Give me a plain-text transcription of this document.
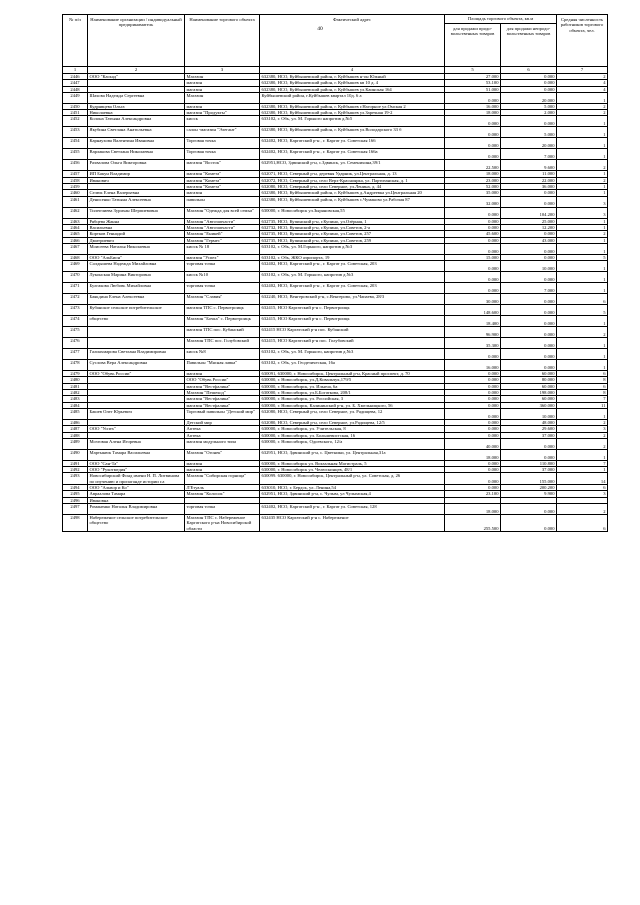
40
№ п/п	Наименование организации / индивидуальный предприниматель	Наименование торгового объекта	Фактический адрес	Площадь торгового объекта, кв.м		Средняя численность работников торгового объекта, чел.
				для продажи продо-вольственных товаров	для продажи непродо-вольственных товаров	
1	2	3	4	5	6	7
2446	ООО "Каскад"	Магазин	632380, НСО, Куйбышевский район, г. Куйбышев н-он Южный	27.000	0.000	2
2447		магазин	632380, НСО, Куйбышевский район, г. Куйбышев кв 10 д. 4	53.100	0.000	4
2448		магазин	632380, НСО, Куйбышевский район, г. Куйбышев ул.Каинская 164	51.000	0.000	4
2449	Шахова Надежда Сергеевна	Магазин	Куйбышевский район, г.Куйбышев квартал 10д. 6 а	0.000	20.000	1
2450	Кудрявцева Ольга	магазин	632380, НСО, Куйбышевский район, г. Куйбышев г.Нагорное ул.Омская 2	16.000	5.000	2
2451	Николаевна	магазин "Продукты"	632380, НСО, Куйбышевский район, г. Куйбышев ул.Заречная 19-2	18.000	2.000	2
2452	Колона Татьяна Александровна	киоск	633102, г. Обь, ул. М. Горького напротив д.№5	0.000	0.000	1
2453	Якубина Светлана Анатольевна	салон -магазин "Элегант"	632380, НСО, Куйбышевский район, г. Куйбышев ул.Володарского 33 б	0.000	5.000	1
2454	Карнаухова Валентина Ивановна	Торговая точка	632402, НСО, Каргатский р-н , г. Каргат ул. Советская 166	0.000	20.000	1
2455	Варлакова Светлана Николаевна	Торговая точка	632402, НСО, Каргатский р-н , г. Каргат ул. Советская 166а	0.000	7.000	1
2456	Рахвалова Ольга Викторовна	магазин "Восток"	632951,НСО, Здвинский р-н, с.Здвинск, ул. Семенихина,39/1	22.500	9.600	2
2457	ИП Бакун Владимир	магазин "Комета"	632071, НСО, Северный р-н, деревня Ударник, ул.Центральная, д. 13	18.000	11.000	1
2458	Иванович	магазин "Комета"	632072, НСО, Северный р-н, село Верх-Красноярка, ул. Партизанская, д. 1	23.000	22.000	2
2459		магазин "Комета"	632080, НСО, Северный р-н, село Северное, ул.Ленина, д. 44	52.000	36.000	1
2460	Селюк Елена Валерьевна	магазин	632380, НСО, Куйбышевский район, г. Куйбышев д.Андреевка ул.Центральная 20	35.000	0.000	1
2461	Денисенко Татьяна Алексеевна	павильон	632380, НСО, Куйбышевский район, г. Куйбышев с.Чумаково ул.Рабочая 87	32.000	0.000	3
2462	Тилепчиева Зурихан Шерпиевовна	Магазин "Одежда для всей семьи"	630000, г. Новосибирск ул.Зыряновская,55	0.000	104.200	3
2463	Рябцева Жанна	Магазин "Автозапчасти"	632735, НСО, Купинский р-н, г.Купино, ул.Озёрная, 1	0.000	25.000	1
2464	Васильевна	Магазин "Автозапчасти"	632732, НСО, Купинский р-н, г.Купино, ул.Советов, 2-а	0.000	12.200	1
2465	Кортков Геннадий	Магазин "Еникей"	632735, НСО, Купинский р-н, г.Купино, ул.Советов, 257	45.600	0.000	2
2466	Дмитриевич	Магазин "Гермес"	632735, НСО, Купинский р-н, г.Купино, ул.Советов, 259	0.000	43.000	1
2467	Моисеева Наталья Николаевна	киоск № 18	633102, г. Обь, ул. М.Горького, напротив д.№3	0.000	0.000	1
2468	ООО "АльБион"	магазин "Успех"	633102, г. Обь, ЖКО аэропорта, 19	15.000	0.000	5
2469	Солдышева Надежда Михайловна	торговая точка	632402, НСО, Каргатский р-н , г. Каргат ул. Советская, 203	0.000	10.000	1
2470	Луконская Марина Викторовна	киоск №10	633102, г. Обь, ул. М. Горького, напротив д.№3	0.000	0.000	1
2471	Булгакова Любовь Михайловна	торговая точка	632402, НСО, Каргатский р-н , г. Каргат ул. Советская, 203	0.000	7.000	1
2472	Баякдина Елена Алексеевна	Магазин "Славия"	632240, НСО, Венгеровский р-н, с.Венгерово, ул.Чапаева, 28/3	30.000	0.000	6
2473	Кубанское сельское потребительское	магазин ТПС с. Первотроицк	632415, НСО Каргатский р-н с. Первотроицк	148.600	0.000	5
2474	общество	Магазин "Бочка" с. Первотроицк	632415, НСО Каргатский р-н с. Первотроицк	18.400	0.000	1
2475		магазин ТПС пос. Кубанский	632415 НСО Каргатский р-н пос. Кубанский	96.900	0.000	2
2476		Магазин ТПС пос. Голубовский	632415, НСО Каргатский р-н пос. Голубовский	35.300	0.000	1
2477	Галиахмарова Светлана Владимировна	киоск №8	633102, г. Обь, ул. М. Горького, напротив д.№3	0.000	0.000	1
2478	Суслова Вера Александровна	Павильон "Мясная лавка"	633102, г. Обь, ул. Геодезическая, 16а	16.000	0.000	1
2479	ООО "Обувь России"	магазин	630091, 630000, г. Новосибирск, Центральный р-н, Красный проспект, д. 70	0.000	60.000	6
2480		ООО "Обувь России"	630000, г. Новосибирск, ул.Д.Ковальчук,179/5	0.000	80.000	8
2481		магазин "Вестфалика"	630000, г. Новосибирск, ул. Ильича, 6а	0.000	60.000	6
2482		Магазин "Пешеход"	630000, г. Новосибирск, ул.Б.Богаткова, 208/1	0.000	198.000	8
2483		магазин "Вестфалика"	630000, г. Новосибирск, ул. Российская, 3	0.000	60.000	7
2484		магазин "Вестфалика"	630000, г. Новосибирск, Калининский р-н, ул. Б. Хмельницкого, 56	0.000	360.000	11
2485	Башев Олег Юрьевич	Торговый павильон "Детский мир"	632080, НСО, Северный р-н, село Северное, ул. Радищева, 12	0.000	10.000	1
2486		Детский мир	632080, НСО, Северный р-н, село Северное, ул.Радищева, 12/5	0.000	48.000	2
2487	ООО "Успех"	Аптека	630000, г. Новосибирск, ул. Учительская, 8	0.000	29.600	3
2488		Аптека	630000, г. Новосибирск, ул. Большевистская, 16	0.000	37.000	2
2489	Мозговая Алена Игоревна	магазин модульного типа	630000, г. Новосибирск, Одоевского, 12/а	40.000	0.000	2
2490	Мартынюк Тамара Васильевна	Магазин "Огонек"	632951, НСО, Здвинский р-н, с. Цветники, ул. Центральная,31а	18.000	0.000	1
2491	ООО "Сан-Та"	магазин	630000, г. Новосибирск ул. Вокзальная Магистраль, 5	0.000	110.800	7
2492	ООО "Рукотмедия"	магазин	630000, г. Новосибирск ул. Челюскинцев, 48/1	0.000	37.000	1
2493	Новосибирский Фонд имени Н. П. Литвинова по изучению и пропаганде истории г.а	Магазин "Сибирская горница"	630099. 630000, г. Новосибирск, Центральный р-н, ул. Советская, д. 26	0.000	155.000	14
2494	ООО "Альвор и Ко"	Л'Етуаль	633010, НСО, г. Бердск, ул. Ленина,54	0.000	200.200	6
2495	Авраалова Тамара	Магазин "Колосок"	632951, НСО, Здвинский р-н, с. Чулым, ул Чулымская,4	23.100	9.900	3
2496	Ивановна					
2497	Романенко Наталья Владимировна	торговая точка	632402, НСО, Каргатский р-н , г. Каргат ул. Советская, 128	18.000	0.000	2
2498	Набереженое сельское потребительское общество	Магазин ТПС с. Набереженое Каргатского р-на Новосибирской области	632435 НСО Каргатский р-н с. Набереженое	255.500	0.000	6
